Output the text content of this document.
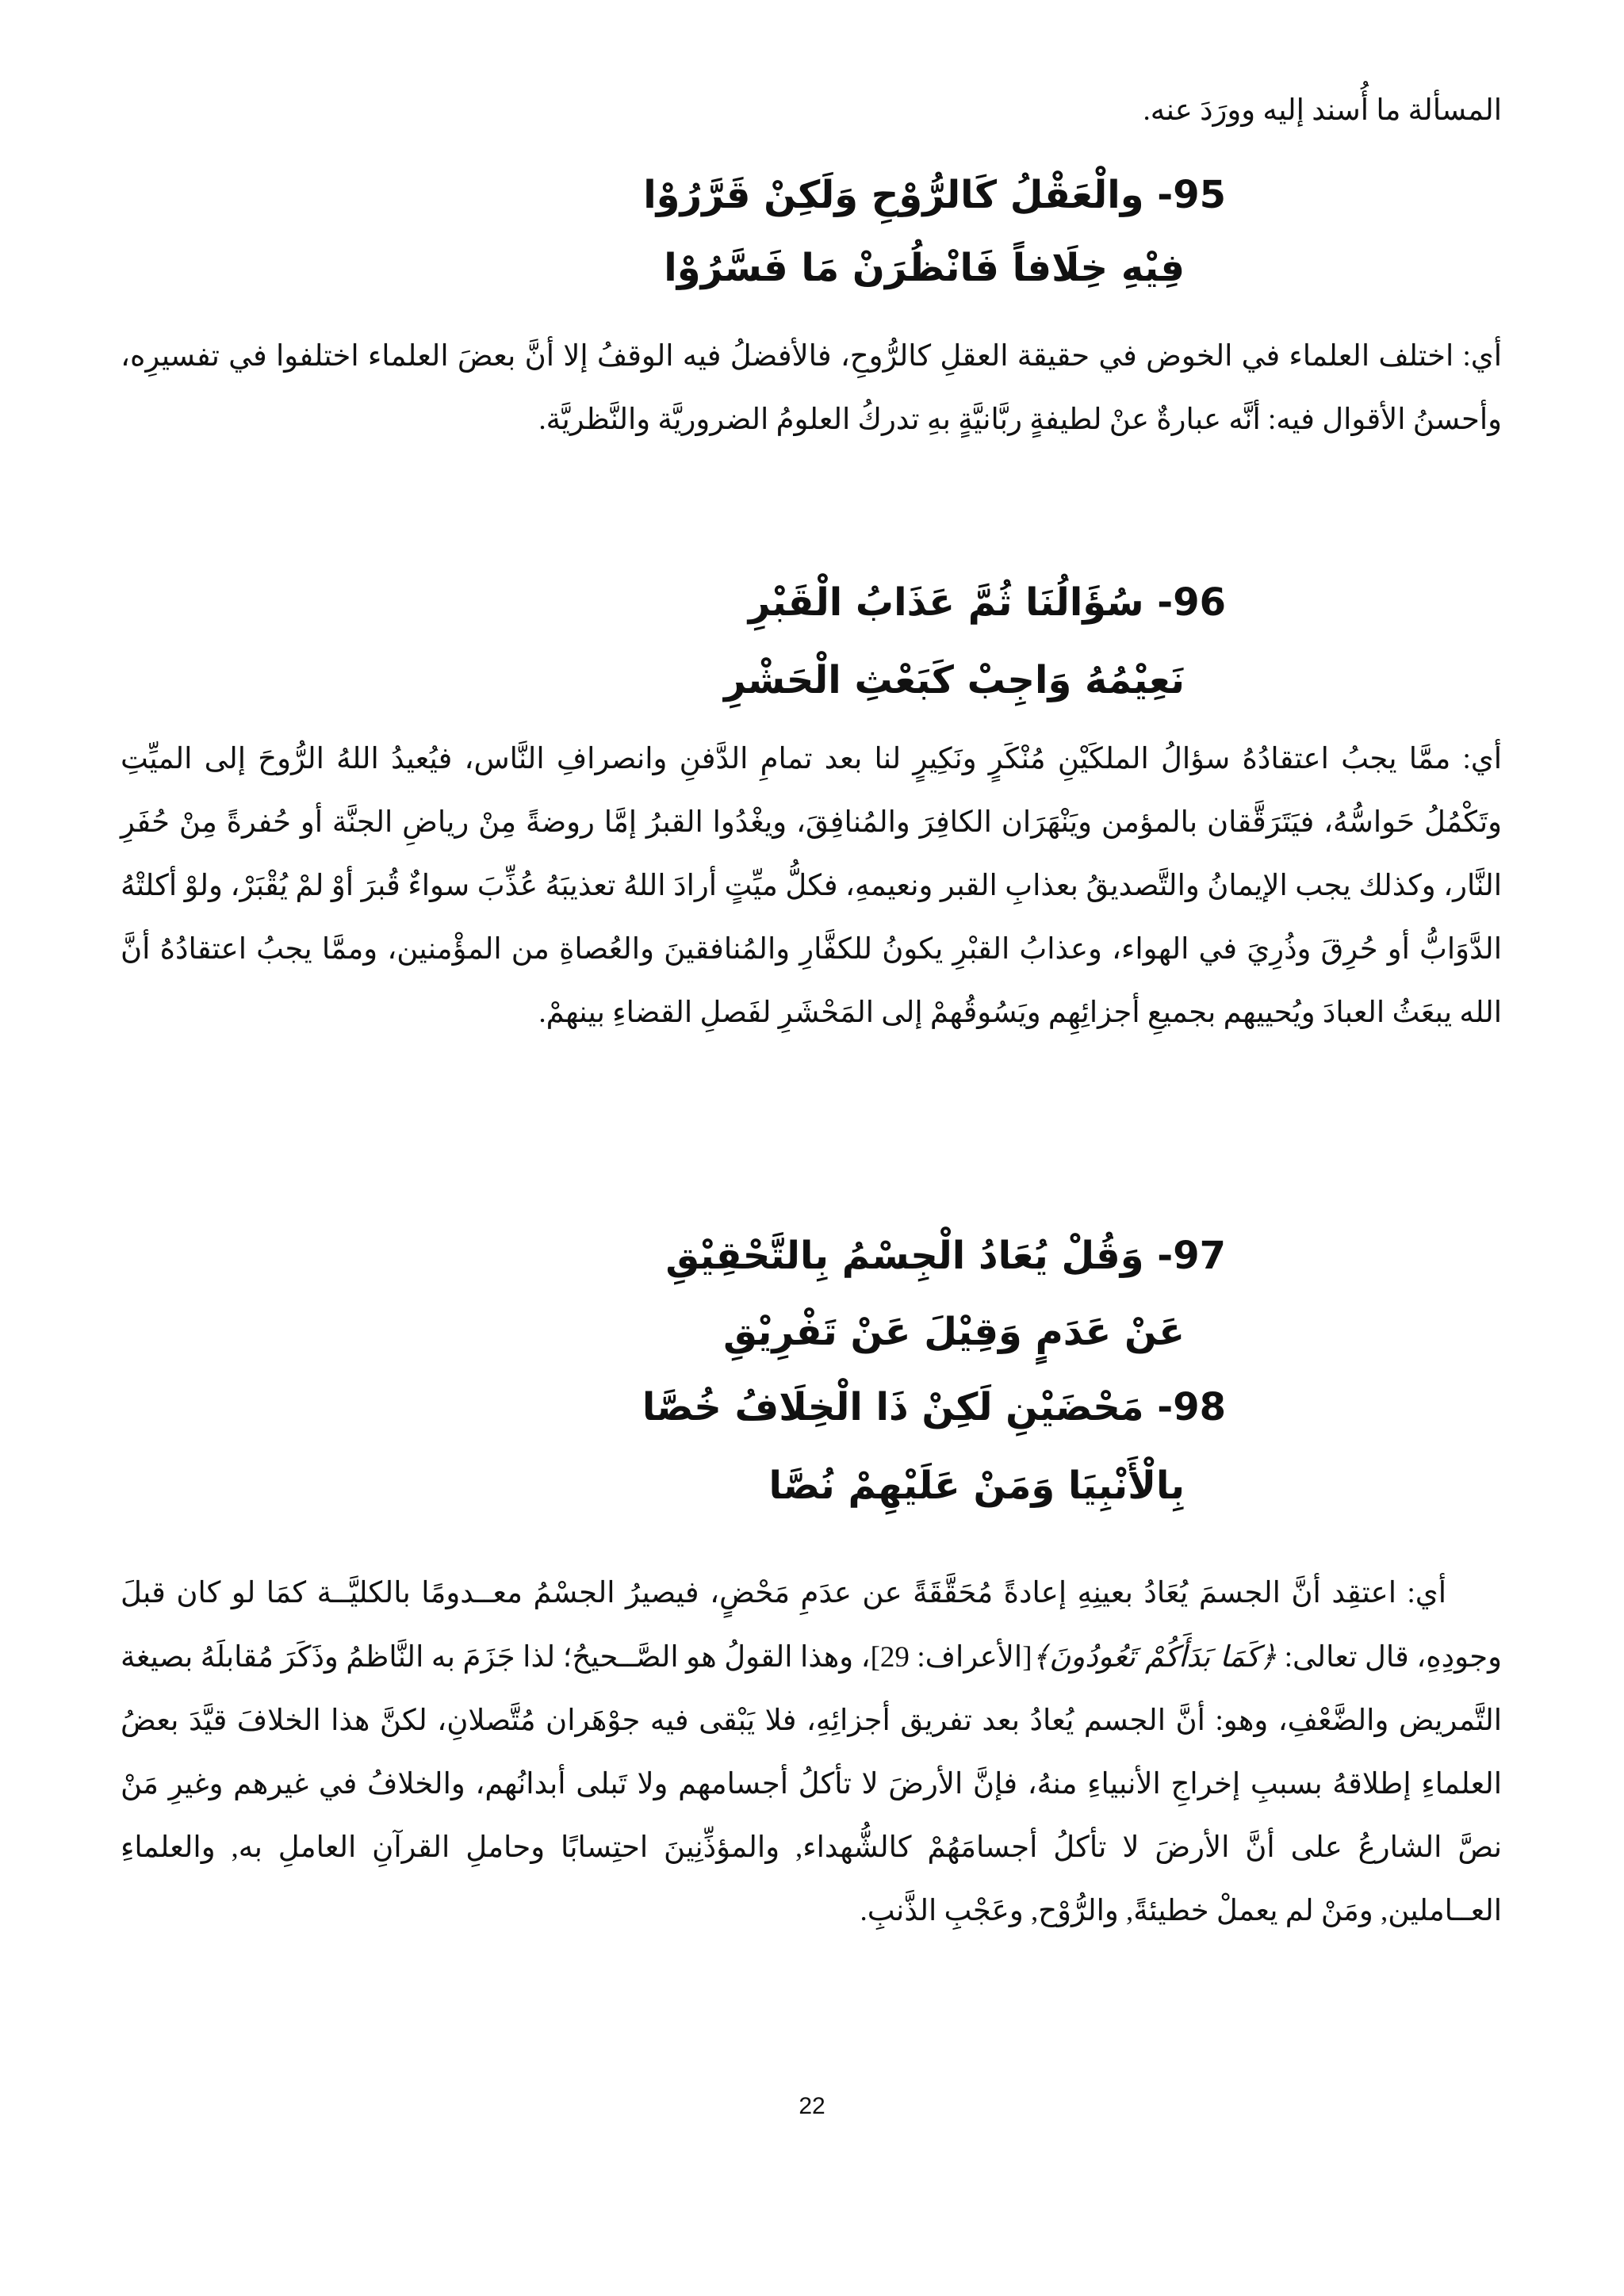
المسألة ما أُسند إليه وورَدَ عنه.

95- والْعَقْلُ كَالرُّوْحِ وَلَكِنْ قَرَّرُوْا

فِيْهِ خِلَافاً فَانْظُرَنْ مَا فَسَّرُوْا

أي: اختلف العلماء في الخوض في حقيقة العقلِ كالرُّوحِ، فالأفضلُ فيه الوقفُ إلا أنَّ بعضَ العلماء اختلفوا في تفسيرِه، وأحسنُ الأقوال فيه: أنَّه عبارةٌ عنْ لطيفةٍ ربَّانيَّةٍ بهِ تدركُ العلومُ الضروريَّة والنَّظريَّة.

96- سُؤَالُنَا ثُمَّ عَذَابُ الْقَبْرِ

نَعِيْمُهُ وَاجِبْ كَبَعْثِ الْحَشْرِ

أي: ممَّا يجبُ اعتقادُهُ سؤالُ الملكَيْنِ مُنْكَرٍ ونَكِيرٍ لنا بعد تمامِ الدَّفنِ وانصرافِ النَّاس، فيُعيدُ اللهُ الرُّوحَ إلى الميِّتِ وتَكْمُلُ حَواسُّهُ، فيَتَرَقَّقان بالمؤمن ويَنْهَرَان الكافِرَ والمُنافِقَ، ويغْدُوا القبرُ إمَّا روضةً مِنْ رياضِ الجنَّة أو حُفرةً مِنْ حُفَرِ النَّار، وكذلك يجب الإيمانُ والتَّصديقُ بعذابِ القبر ونعيمهِ، فكلُّ ميِّتٍ أرادَ اللهُ تعذيبَهُ عُذِّبَ سواءٌ قُبرَ أوْ لمْ يُقْبَرْ، ولوْ أكلتْهُ الدَّوَابُّ أو حُرِقَ وذُرِيَ في الهواء، وعذابُ القبْرِ يكونُ للكفَّارِ والمُنافقينَ والعُصاةِ من المؤْمنين، وممَّا يجبُ اعتقادُهُ أنَّ الله يبعَثُ العبادَ ويُحييهم بجميعِ أجزائِهِم ويَسُوقُهمْ إلى المَحْشَرِ لفَصلِ القضاءِ بينهمْ.

97- وَقُلْ يُعَادُ الْجِسْمُ بِالتَّحْقِيْقِ

عَنْ عَدَمٍ وَقِيْلَ عَنْ تَفْرِيْقِ

98- مَحْضَيْنِ لَكِنْ ذَا الْخِلَافُ خُصَّا

بِالْأَنْبِيَا وَمَنْ عَلَيْهِمْ نُصَّا

أي: اعتقِد أنَّ الجسمَ يُعَادُ بعينِهِ إعادةً مُحَقَّقَةً عن عدَمِ مَحْضٍ، فيصيرُ الجسْمُ معــدومًا بالكليَّــة كمَا لو كان قبلَ وجودِهِ، قال تعالى: ﴿كَمَا بَدَأَكُمْ تَعُودُونَ﴾[الأعراف: 29]، وهذا القولُ هو الصَّــحيحُ؛ لذا جَزَمَ به النَّاظمُ وذَكَرَ مُقابلَهُ بصيغة التَّمريض والضَّعْفِ، وهو: أنَّ الجسم يُعادُ بعد تفريق أجزائِهِ، فلا يَبْقى فيه جوْهَران مُتَّصلانِ، لكنَّ هذا الخلافَ قيَّدَ بعضُ العلماءِ إطلاقهُ بسببِ إخراجِ الأنبياءِ منهُ، فإنَّ الأرضَ لا تأكلُ أجسامهم ولا تَبلى أبدانُهم، والخلافُ في غيرهم وغيرِ مَنْ نصَّ الشارعُ على أنَّ الأرضَ لا تأكلُ أجسامَهُمْ كالشُّهداء, والمؤذِّنِينَ احتِسابًا وحاملِ القرآنِ العاملِ به, والعلماءِ العــاملين, ومَنْ لم يعملْ خطيئةً, والرُّوْح, وعَجْبِ الذَّنبِ.

22
